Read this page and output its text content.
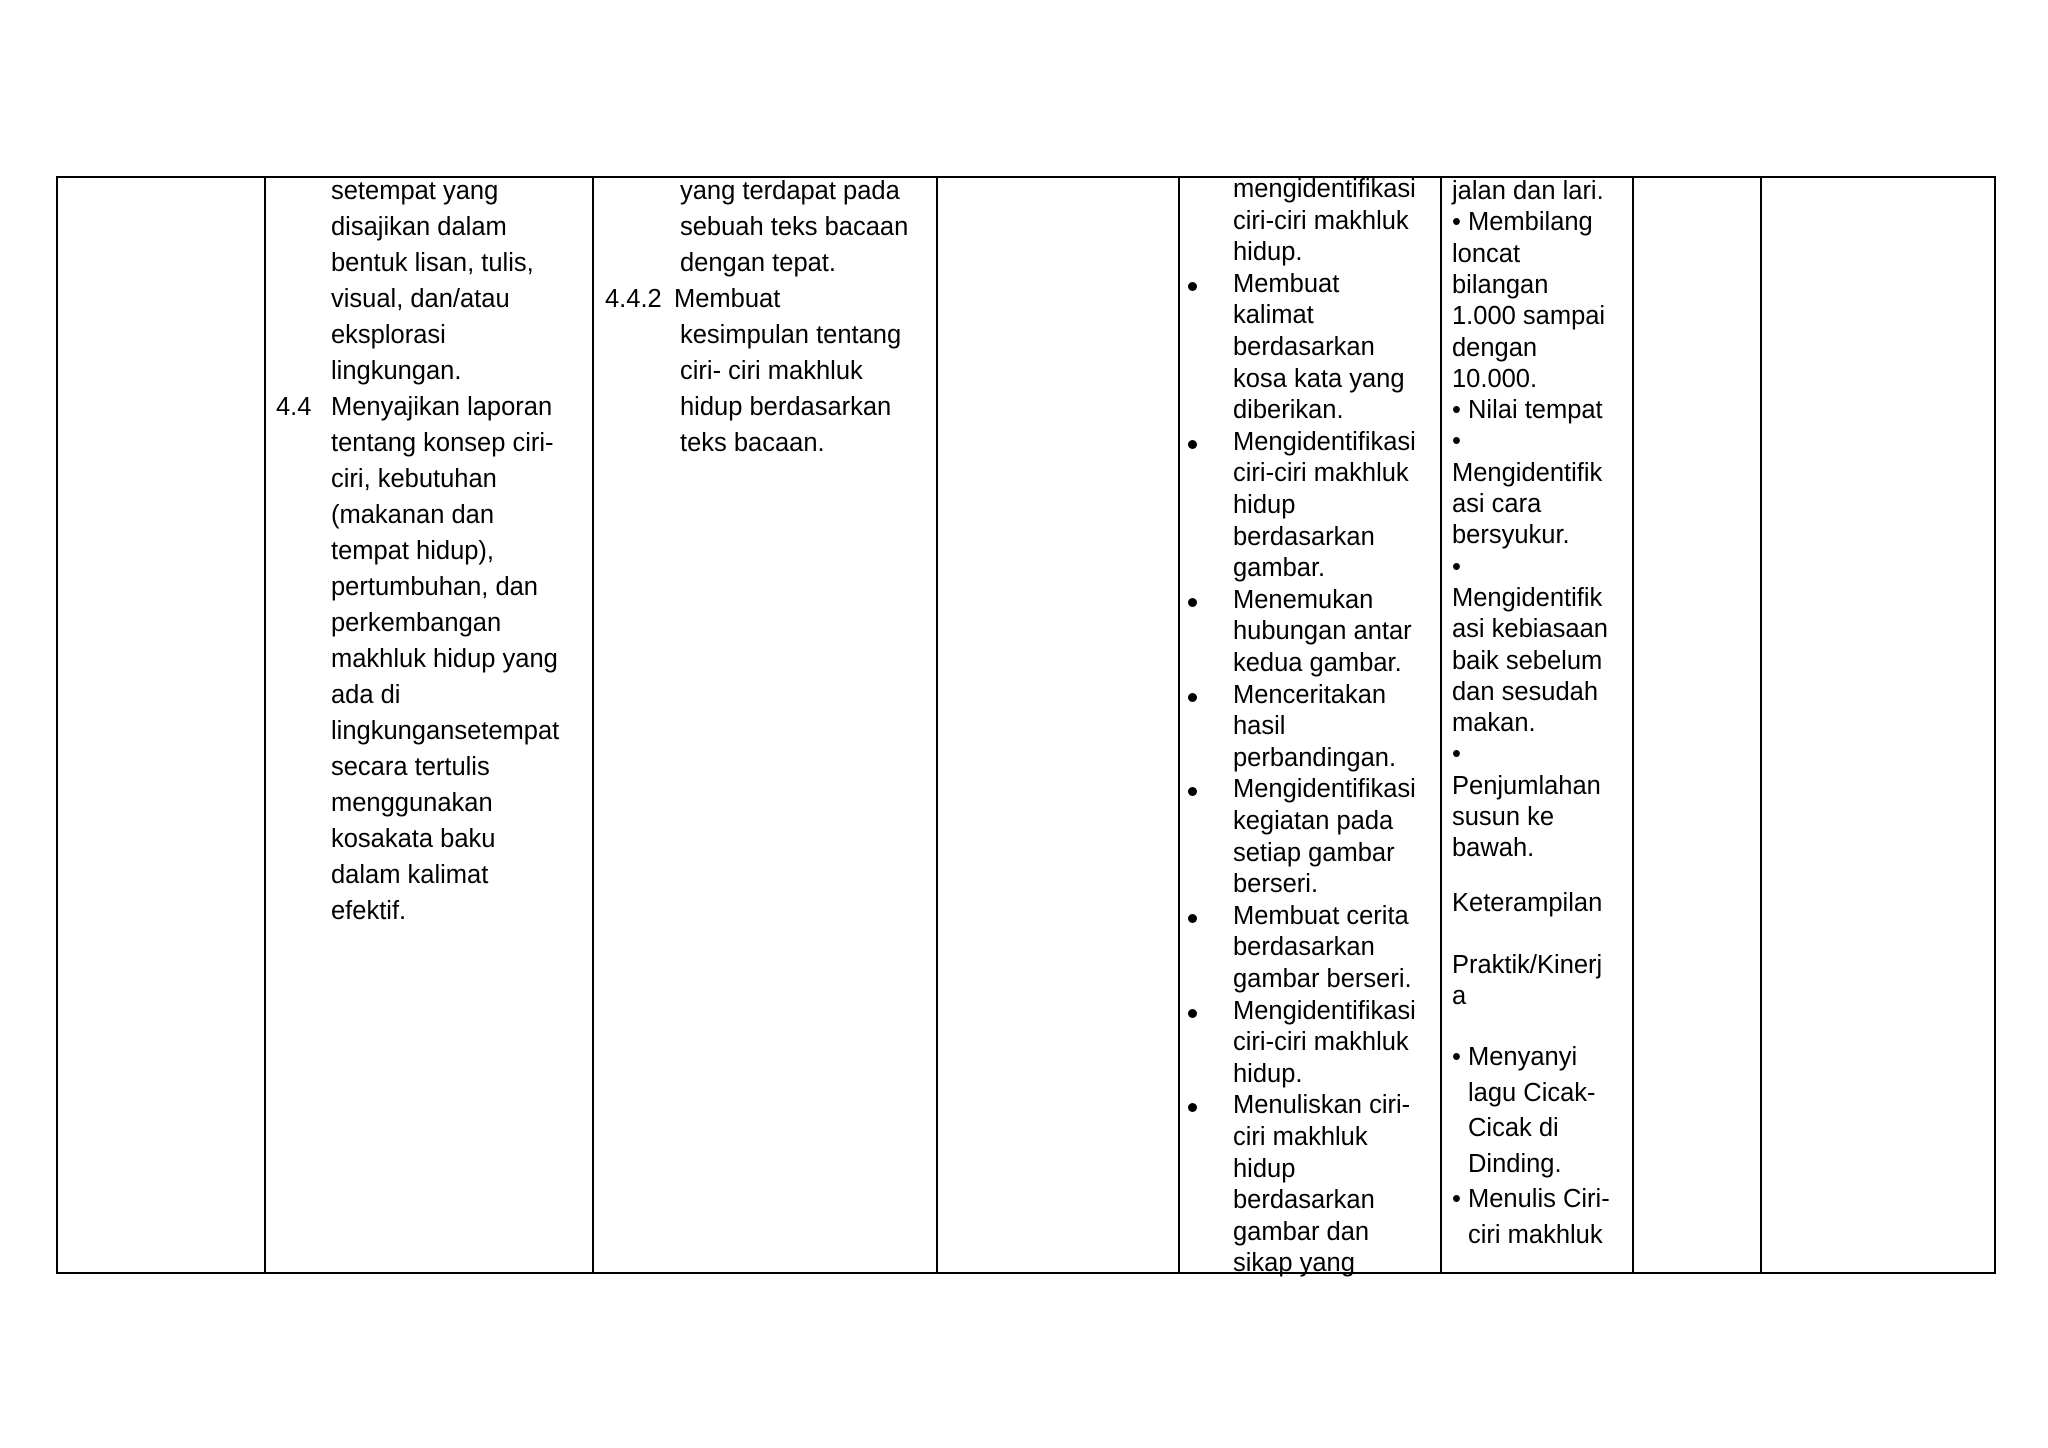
setempat yang
disajikan dalam
bentuk lisan, tulis,
visual, dan/atau
eksplorasi
lingkungan.
4.4 Menyajikan laporan
tentang konsep ciri-
ciri, kebutuhan
(makanan dan
tempat hidup),
pertumbuhan, dan
perkembangan
makhluk hidup yang
ada di
lingkungansetempat
secara tertulis
menggunakan
kosakata baku
dalam kalimat
efektif.
yang terdapat pada
sebuah teks bacaan
dengan tepat.
4.4.2 Membuat
kesimpulan tentang
ciri- ciri makhluk
hidup berdasarkan
teks bacaan.
mengidentifikasi
ciri-ciri makhluk
hidup.
Membuat
kalimat
berdasarkan
kosa kata yang
diberikan.
Mengidentifikasi
ciri-ciri makhluk
hidup
berdasarkan
gambar.
Menemukan
hubungan antar
kedua gambar.
Menceritakan
hasil
perbandingan.
Mengidentifikasi
kegiatan pada
setiap gambar
berseri.
Membuat cerita
berdasarkan
gambar berseri.
Mengidentifikasi
ciri-ciri makhluk
hidup.
Menuliskan ciri-
ciri makhluk
hidup
berdasarkan
gambar dan
sikap yang
jalan dan lari.
• Membilang
loncat
bilangan
1.000 sampai
dengan
10.000.
• Nilai tempat
•
Mengidentifik
asi cara
bersyukur.
•
Mengidentifik
asi kebiasaan
baik sebelum
dan sesudah
makan.
•
Penjumlahan
susun ke
bawah.
Keterampilan
Praktik/Kinerj
a
• Menyanyi
lagu Cicak-
Cicak di
Dinding.
• Menulis Ciri-
ciri makhluk
